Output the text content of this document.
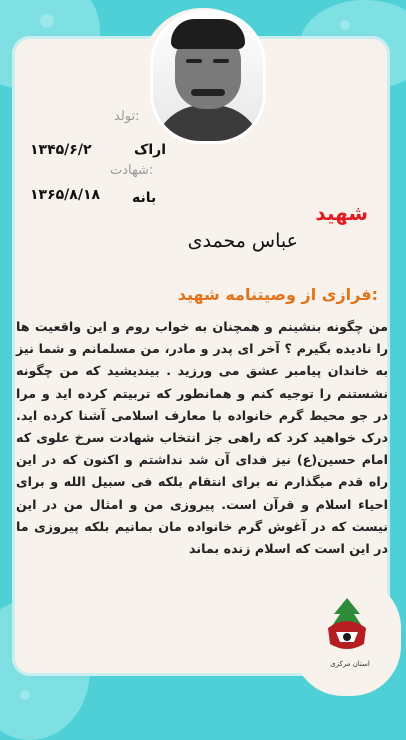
تولد:
۱۳۴۵/۶/۲	اراک
شهادت:
۱۳۶۵/۸/۱۸ بانه
شهید
عباس محمدی
فرازی از وصیتنامه شهید:
من چگونه بنشینم و همچنان به خواب روم و این واقعیت ها را نادیده بگیرم ؟ آخر ای پدر و مادر، من مسلمانم و شما نیز به خاندان پیامبر عشق می ورزید . بیندیشید که من چگونه نشستنم را توجیه کنم و همانطور که تربیتم کرده اید و مرا در جو محیط گرم خانواده با معارف اسلامی آشنا کرده اید. درک خواهید کرد که راهی جز انتخاب شهادت سرخ علوی که امام حسین(ع) نیز فدای آن شد نداشتم و اکنون که در این راه قدم میگذارم نه برای انتقام بلکه فی سبیل الله و برای احیاء اسلام و قرآن است. پیروزی من و امثال من در این نیست که در آغوش گرم خانواده مان بمانیم بلکه پیروزی ما در این است که اسلام زنده بماند
استان مرکزی
